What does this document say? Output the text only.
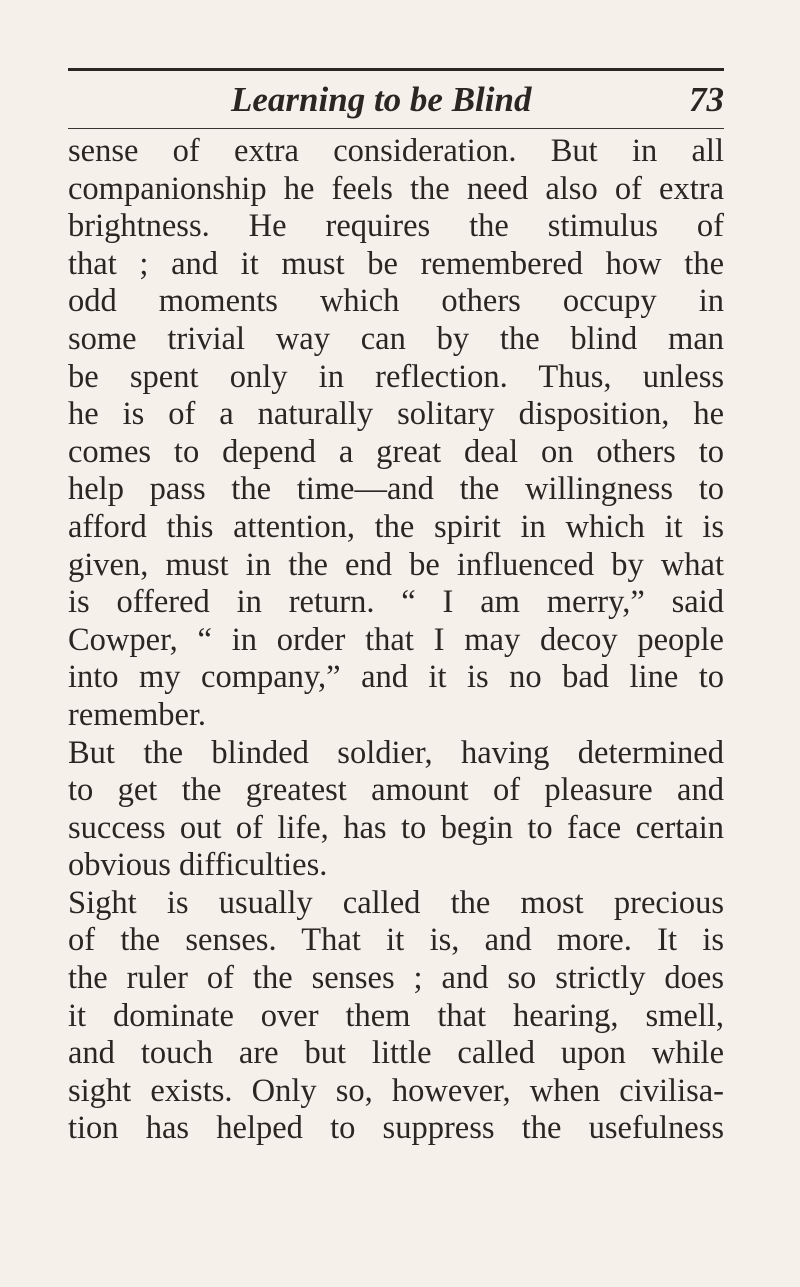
Learning to be Blind	73
sense of extra consideration. But in all
companionship he feels the need also of extra
brightness. He requires the stimulus of
that ; and it must be remembered how the
odd moments which others occupy in
some trivial way can by the blind man
be spent only in reflection. Thus, unless
he is of a naturally solitary disposition, he
comes to depend a great deal on others to
help pass the time—and the willingness to
afford this attention, the spirit in which it is
given, must in the end be influenced by what
is offered in return. “ I am merry,” said
Cowper, “ in order that I may decoy people
into my company,” and it is no bad line to
remember.
But the blinded soldier, having determined
to get the greatest amount of pleasure and
success out of life, has to begin to face certain
obvious difficulties.
Sight is usually called the most precious
of the senses. That it is, and more. It is
the ruler of the senses ; and so strictly does
it dominate over them that hearing, smell,
and touch are but little called upon while
sight exists. Only so, however, when civilisa-
tion has helped to suppress the usefulness
